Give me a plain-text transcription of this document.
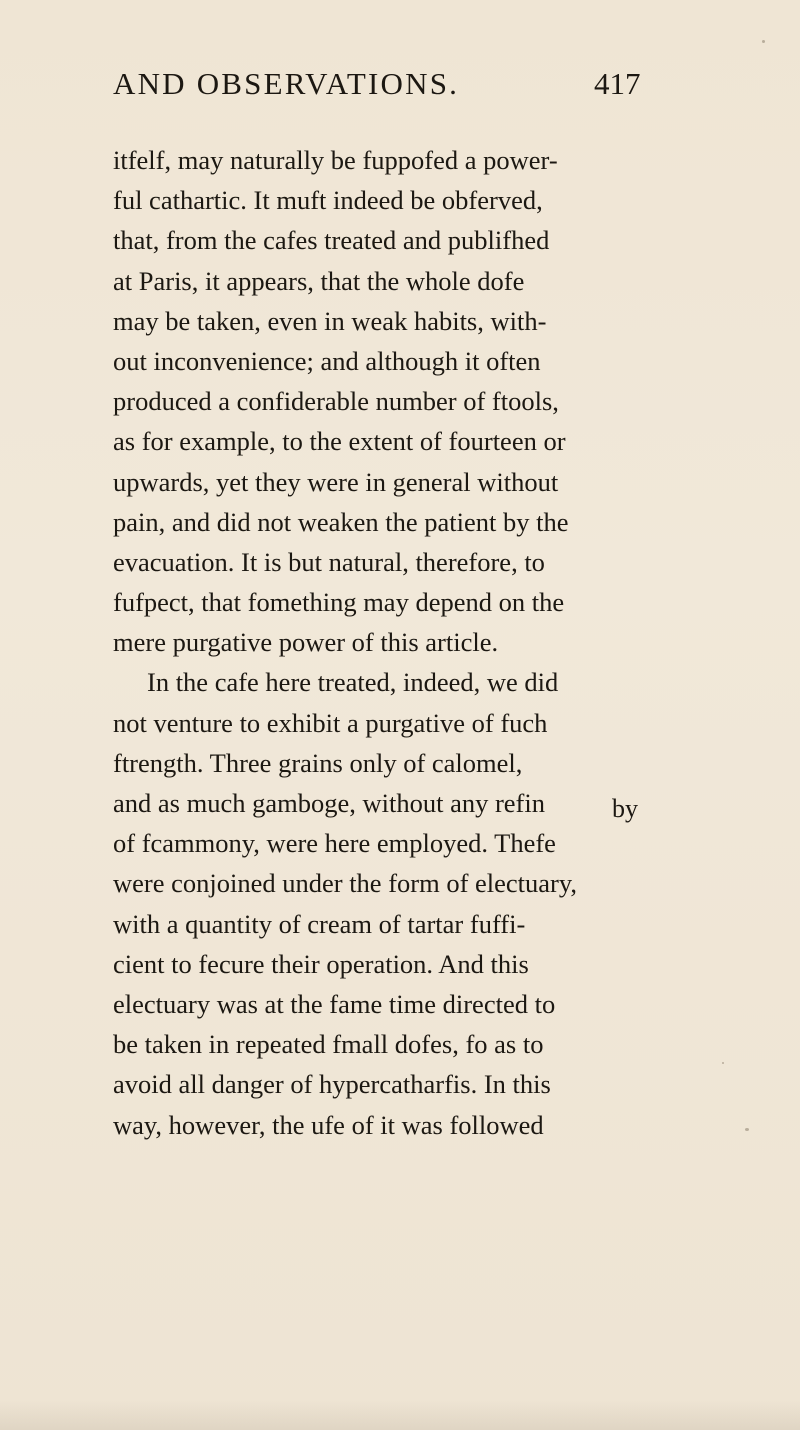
AND OBSERVATIONS.	417
itfelf, may naturally be fuppofed a power-
ful cathartic. It muft indeed be obferved,
that, from the cafes treated and publifhed
at Paris, it appears, that the whole dofe
may be taken, even in weak habits, with-
out inconvenience; and although it often
produced a confiderable number of ftools,
as for example, to the extent of fourteen or
upwards, yet they were in general without
pain, and did not weaken the patient by the
evacuation. It is but natural, therefore, to
fufpect, that fomething may depend on the
mere purgative power of this article.
In the cafe here treated, indeed, we did
not venture to exhibit a purgative of fuch
ftrength. Three grains only of calomel,
and as much gamboge, without any refin
of fcammony, were here employed. Thefe
were conjoined under the form of electuary,
with a quantity of cream of tartar fuffi-
cient to fecure their operation. And this
electuary was at the fame time directed to
be taken in repeated fmall dofes, fo as to
avoid all danger of hypercatharfis. In this
way, however, the ufe of it was followed
by
